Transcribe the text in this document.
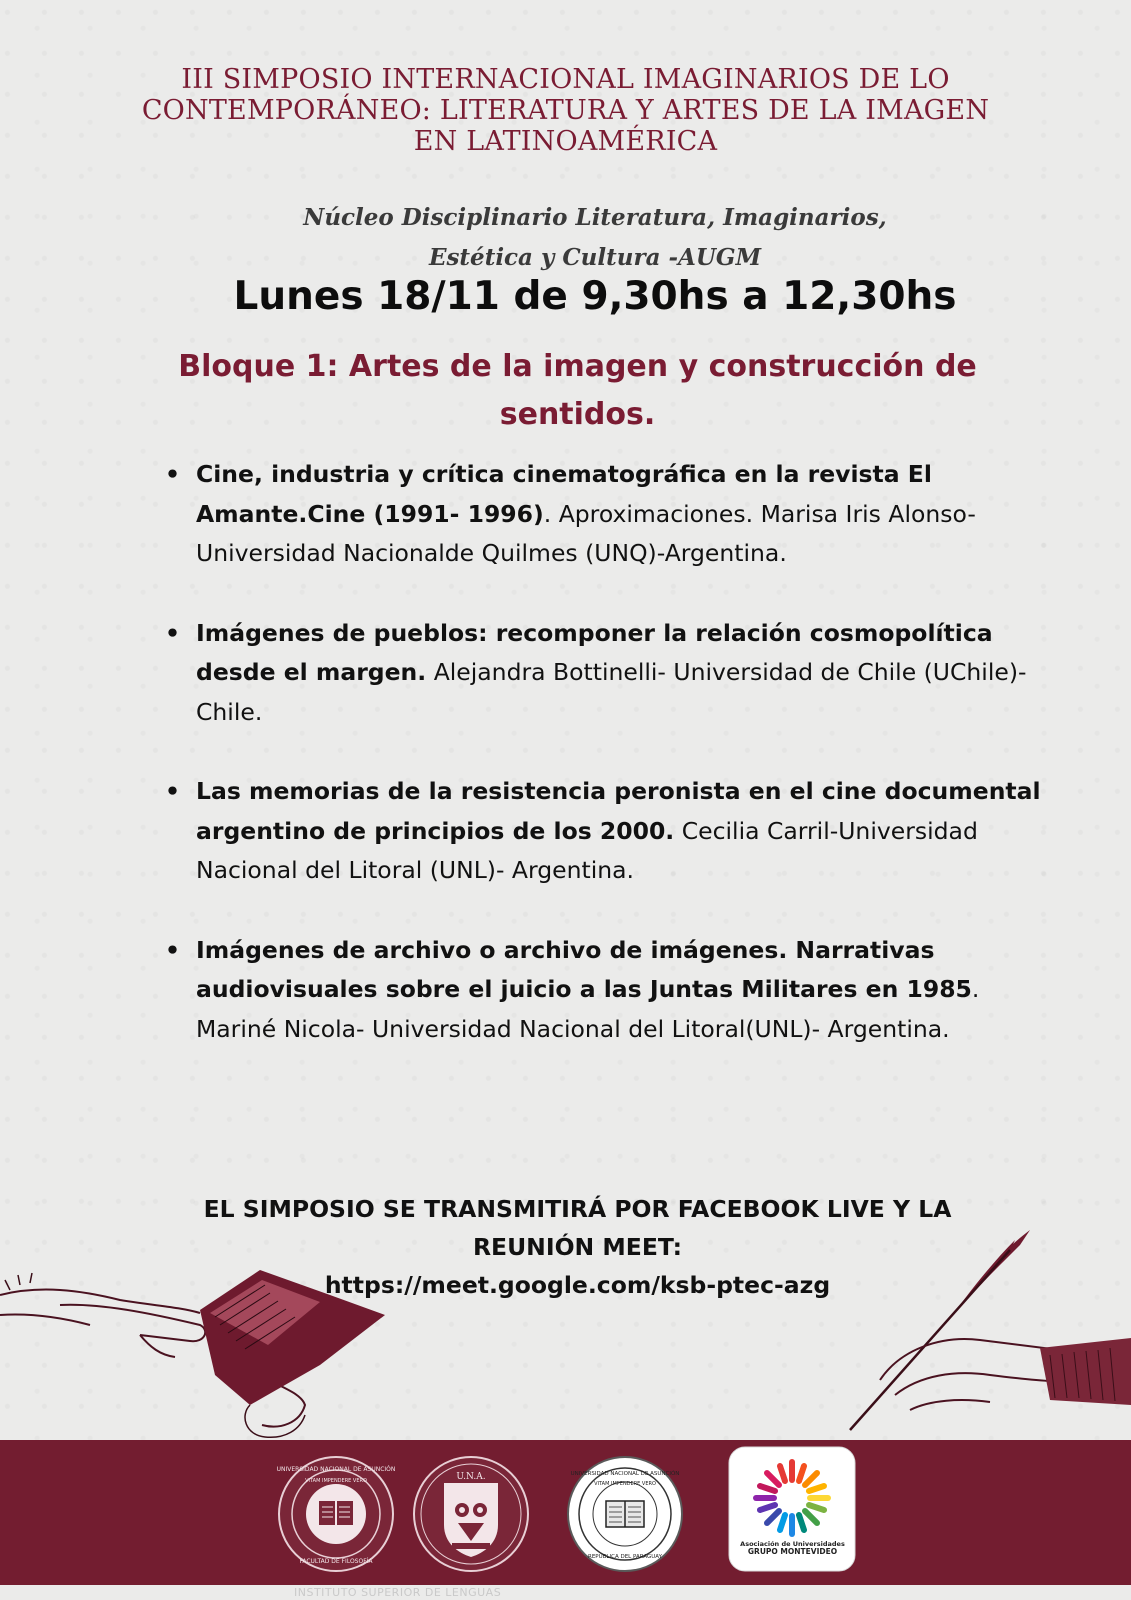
III SIMPOSIO INTERNACIONAL IMAGINARIOS DE LO
CONTEMPORÁNEO: LITERATURA Y ARTES DE LA IMAGEN
EN LATINOAMÉRICA
Núcleo Disciplinario Literatura, Imaginarios,
Estética y Cultura -AUGM
Lunes 18/11 de 9,30hs a 12,30hs
Bloque 1: Artes de la imagen y construcción de
sentidos.
• Cine, industria y crítica cinematográfica en la revista El Amante.Cine (1991- 1996). Aproximaciones. Marisa Iris Alonso- Universidad Nacionalde Quilmes (UNQ)-Argentina.
• Imágenes de pueblos: recomponer la relación cosmopolítica desde el margen. Alejandra Bottinelli- Universidad de Chile (UChile)-Chile.
• Las memorias de la resistencia peronista en el cine documental argentino de principios de los 2000. Cecilia Carril-Universidad Nacional del Litoral (UNL)- Argentina.
• Imágenes de archivo o archivo de imágenes. Narrativas audiovisuales sobre el juicio a las Juntas Militares en 1985. Mariné Nicola- Universidad Nacional del Litoral(UNL)- Argentina.
EL SIMPOSIO SE TRANSMITIRÁ POR FACEBOOK LIVE Y LA
REUNIÓN MEET:
https://meet.google.com/ksb-ptec-azg
UNIVERSIDAD NACIONAL DE ASUNCIÓN
VITAM IMPENDERE VERO
FACULTAD DE FILOSOFÍA
U.N.A.	UNIVERSIDAD NACIONAL DE ASUNCIÓN
VITAM IMPENDERE VERO
REPÚBLICA DEL PARAGUAY
Asociación de Universidades
GRUPO MONTEVIDEO
INSTITUTO SUPERIOR DE LENGUAS
